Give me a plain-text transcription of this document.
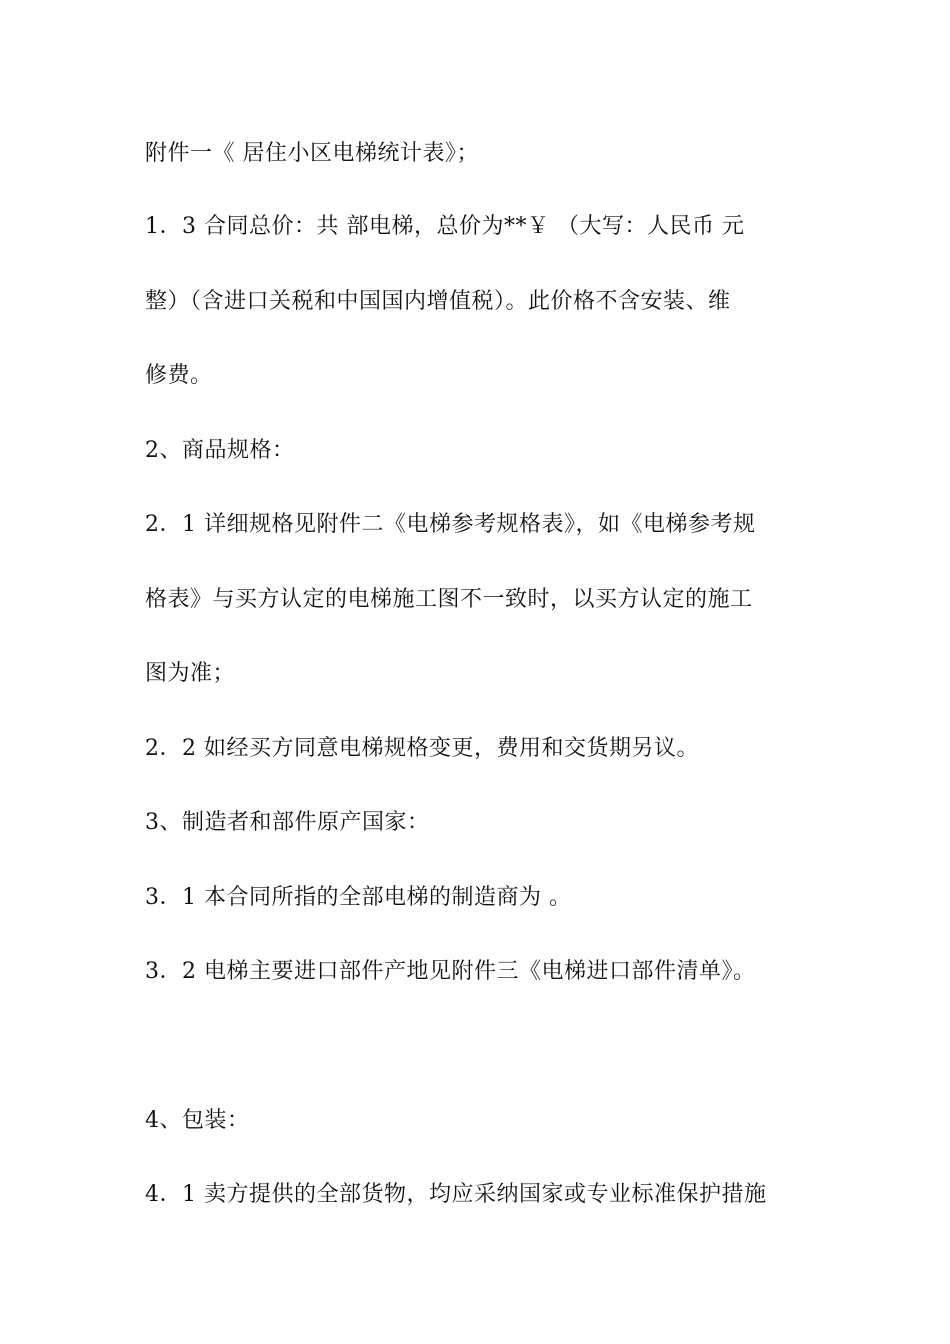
附件一《 居住小区电梯统计表》；
1．3 合同总价：共 部电梯，总价为**￥ （大写：人民币 元
整）（含进口关税和中国国内增值税）。此价格不含安装、维
修费。
2、商品规格：
2．1 详细规格见附件二《电梯参考规格表》，如《电梯参考规
格表》与买方认定的电梯施工图不一致时，以买方认定的施工
图为准；
2．2 如经买方同意电梯规格变更，费用和交货期另议。
3、制造者和部件原产国家：
3．1 本合同所指的全部电梯的制造商为 。
3．2 电梯主要进口部件产地见附件三《电梯进口部件清单》。
4、包装：
4．1 卖方提供的全部货物，均应采纳国家或专业标准保护措施
